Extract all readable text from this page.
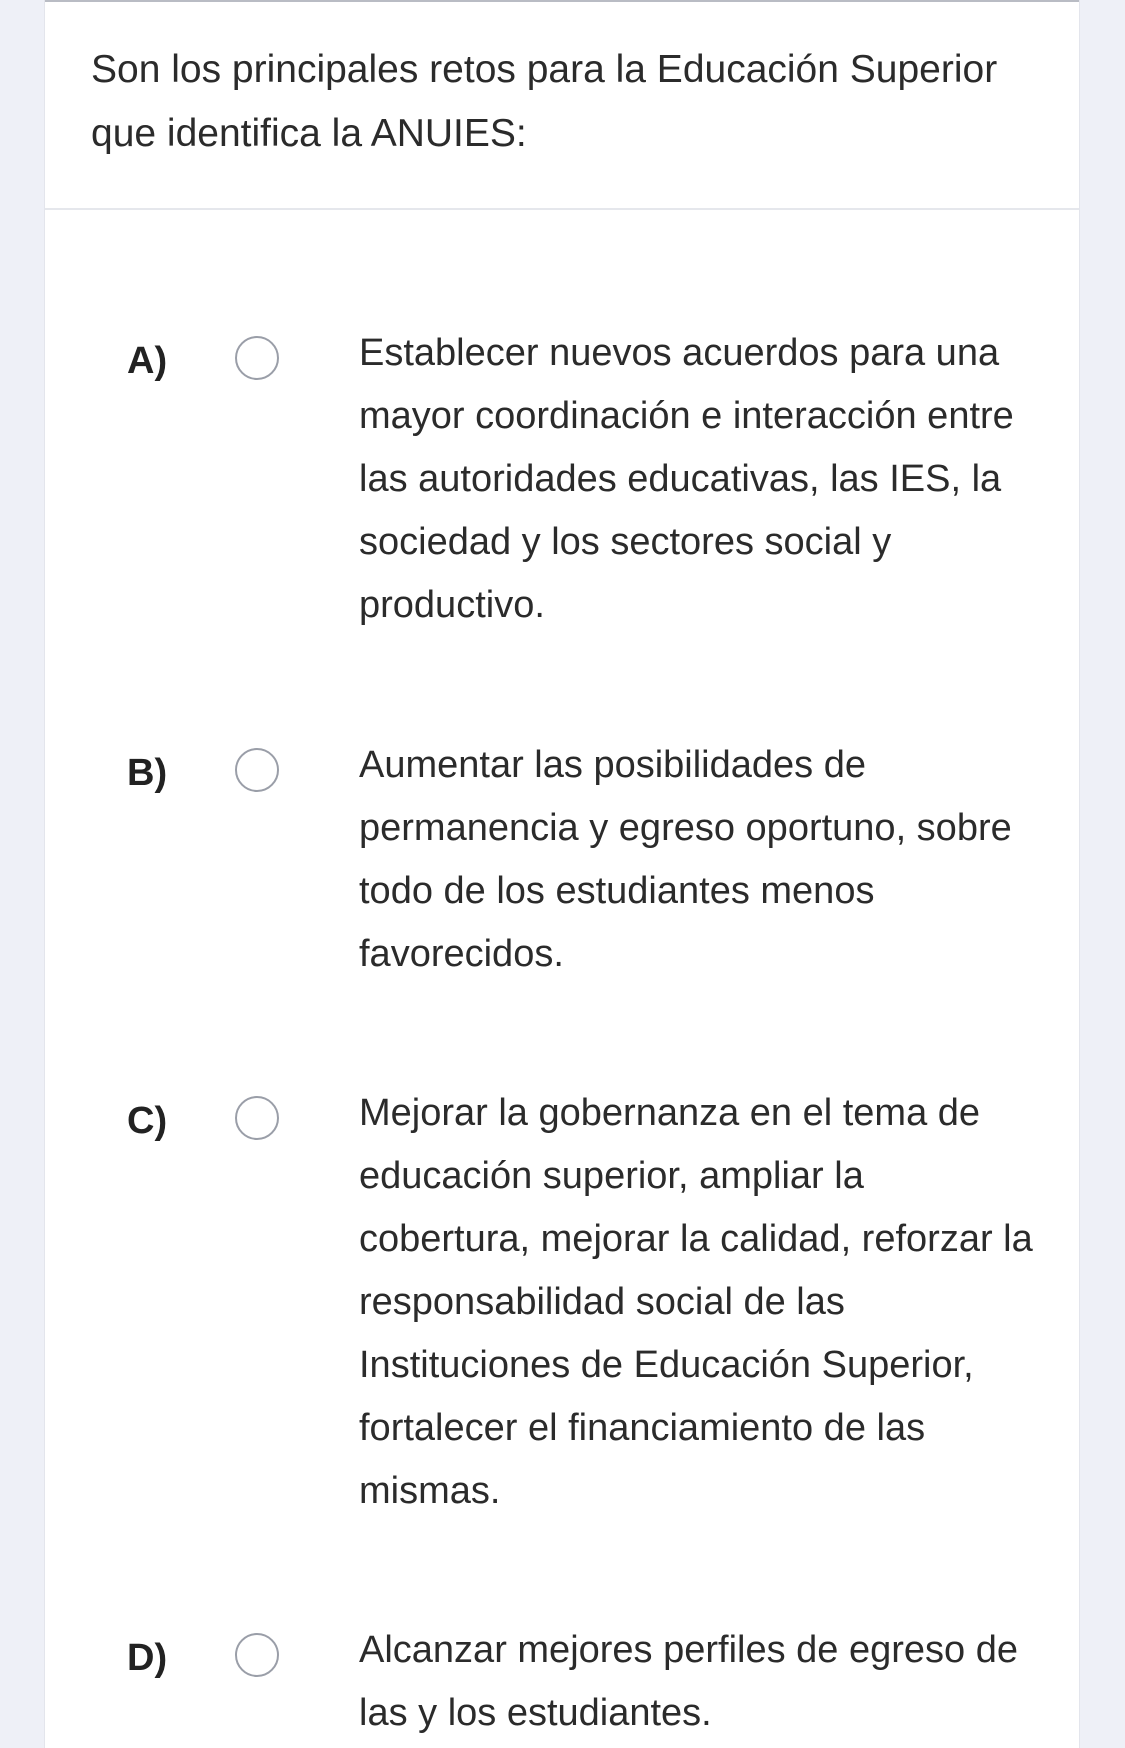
Son los principales retos para la Educación Superior que identifica la ANUIES:

A)	Establecer nuevos acuerdos para una mayor coordinación e interacción entre las autoridades educativas, las IES, la sociedad y los sectores social y productivo.
B)	Aumentar las posibilidades de permanencia y egreso oportuno, sobre todo de los estudiantes menos favorecidos.
C)	Mejorar la gobernanza en el tema de educación superior, ampliar la cobertura, mejorar la calidad, reforzar la responsabilidad social de las Instituciones de Educación Superior, fortalecer el financiamiento de las mismas.
D)	Alcanzar mejores perfiles de egreso de las y los estudiantes.
